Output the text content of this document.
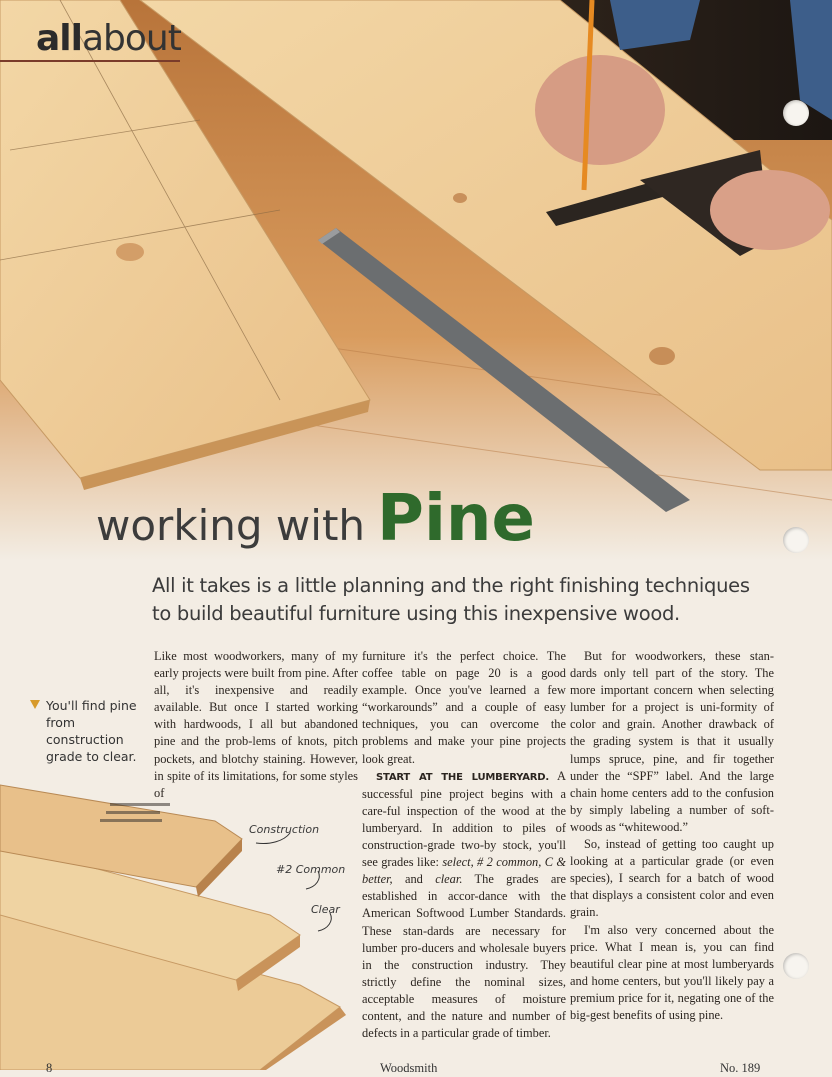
allabout
working with Pine
All it takes is a little planning and the right finishing techniques to build beautiful furniture using this inexpensive wood.
You'll find pine from construction grade to clear.
Construction
#2 Common
Clear

Like most woodworkers, many of my early projects were built from pine. After all, it's inexpensive and readily available. But once I started working with hardwoods, I all but abandoned pine and the prob-lems of knots, pitch pockets, and blotchy staining. However, in spite of its limitations, for some styles of

furniture it's the perfect choice. The coffee table on page 20 is a good example. Once you've learned a few “workarounds” and a couple of easy techniques, you can overcome the problems and make your pine projects look great.

START AT THE LUMBERYARD. A successful pine project begins with a care-ful inspection of the wood at the lumberyard. In addition to piles of construction-grade two-by stock, you'll see grades like: select, # 2 common, C & better, and clear. The grades are established in accor-dance with the American Softwood Lumber Standards. These stan-dards are necessary for lumber pro-ducers and wholesale buyers in the construction industry. They strictly define the nominal sizes, acceptable measures of moisture content, and the nature and number of defects in a particular grade of timber.

But for woodworkers, these stan-dards only tell part of the story. The more important concern when selecting lumber for a project is uni-formity of color and grain. Another drawback of the grading system is that it usually lumps spruce, pine, and fir together under the “SPF” label. And the large chain home centers add to the confusion by simply labeling a number of soft-woods as “whitewood.”

So, instead of getting too caught up looking at a particular grade (or even species), I search for a batch of wood that displays a consistent color and even grain.

I'm also very concerned about the price. What I mean is, you can find beautiful clear pine at most lumberyards and home centers, but you'll likely pay a premium price for it, negating one of the big-gest benefits of using pine.

8	Woodsmith	No. 189
